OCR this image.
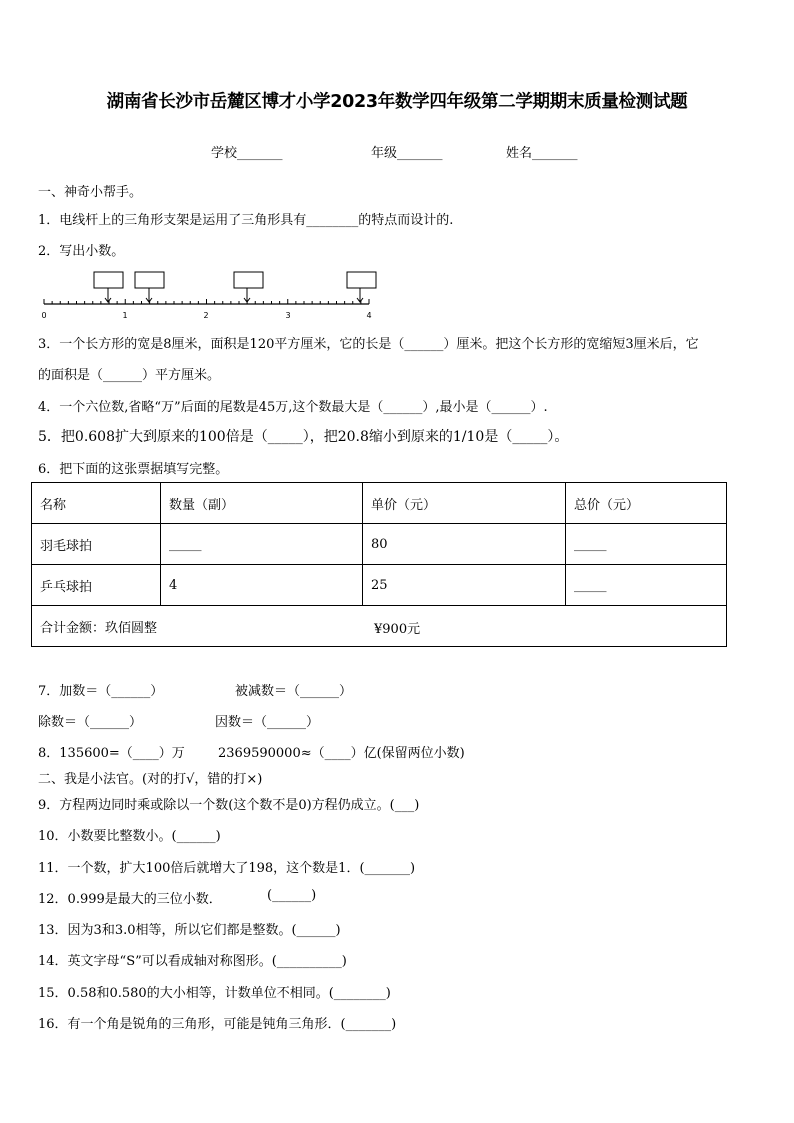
湖南省长沙市岳麓区博才小学2023年数学四年级第二学期期末质量检测试题
学校_______	年级_______	姓名_______
一、神奇小帮手。
1．电线杆上的三角形支架是运用了三角形具有________的特点而设计的.
2．写出小数。
0	1	2	3	4
3．一个长方形的宽是8厘米，面积是120平方厘米，它的长是（______）厘米。把这个长方形的宽缩短3厘米后，它
的面积是（______）平方厘米。
4．一个六位数,省略“万”后面的尾数是45万,这个数最大是（______）,最小是（______）.
5．把0.608扩大到原来的100倍是（_____），把20.8缩小到原来的1/10是（_____）。
6．把下面的这张票据填写完整。
名称	数量（副）	单价（元）	总价（元）
羽毛球拍	_____	80	_____
乒乓球拍	4	25	_____
合计金额：玖佰圆整 ¥900元			
7．加数＝（______）	被减数＝（______）
除数＝（______）	因数＝（______）
8．135600=（____）万	2369590000≈（____）亿(保留两位小数)
二、我是小法官。(对的打√，错的打×)
9．方程两边同时乘或除以一个数(这个数不是0)方程仍成立。(___)
10．小数要比整数小。(______)
11．一个数，扩大100倍后就增大了198，这个数是1．(_______)
12．0.999是最大的三位小数．	(______)
13．因为3和3.0相等，所以它们都是整数。(______)
14．英文字母“S”可以看成轴对称图形。(__________)
15．0.58和0.580的大小相等，计数单位不相同。(________)
16．有一个角是锐角的三角形，可能是钝角三角形．(_______)
